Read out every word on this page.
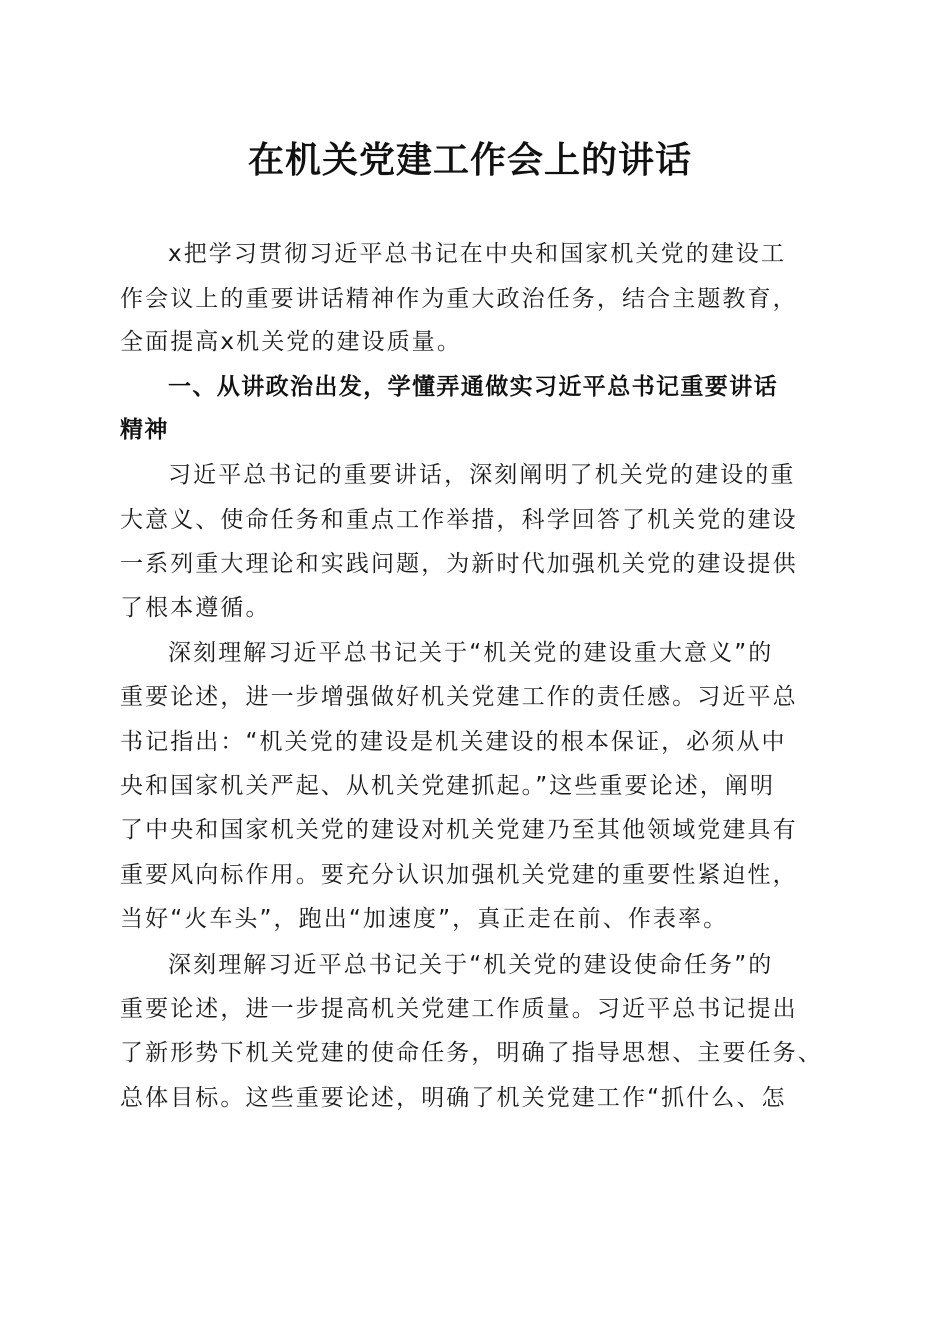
在机关党建工作会上的讲话
x把学习贯彻习近平总书记在中央和国家机关党的建设工
作会议上的重要讲话精神作为重大政治任务，结合主题教育，
全面提高x机关党的建设质量。
一、从讲政治出发，学懂弄通做实习近平总书记重要讲话
精神
习近平总书记的重要讲话，深刻阐明了机关党的建设的重
大意义、使命任务和重点工作举措，科学回答了机关党的建设
一系列重大理论和实践问题，为新时代加强机关党的建设提供
了根本遵循。
深刻理解习近平总书记关于“机关党的建设重大意义”的
重要论述，进一步增强做好机关党建工作的责任感。习近平总
书记指出：“机关党的建设是机关建设的根本保证，必须从中
央和国家机关严起、从机关党建抓起。”这些重要论述，阐明
了中央和国家机关党的建设对机关党建乃至其他领域党建具有
重要风向标作用。要充分认识加强机关党建的重要性紧迫性，
当好“火车头”，跑出“加速度”，真正走在前、作表率。
深刻理解习近平总书记关于“机关党的建设使命任务”的
重要论述，进一步提高机关党建工作质量。习近平总书记提出
了新形势下机关党建的使命任务，明确了指导思想、主要任务、
总体目标。这些重要论述，明确了机关党建工作“抓什么、怎
